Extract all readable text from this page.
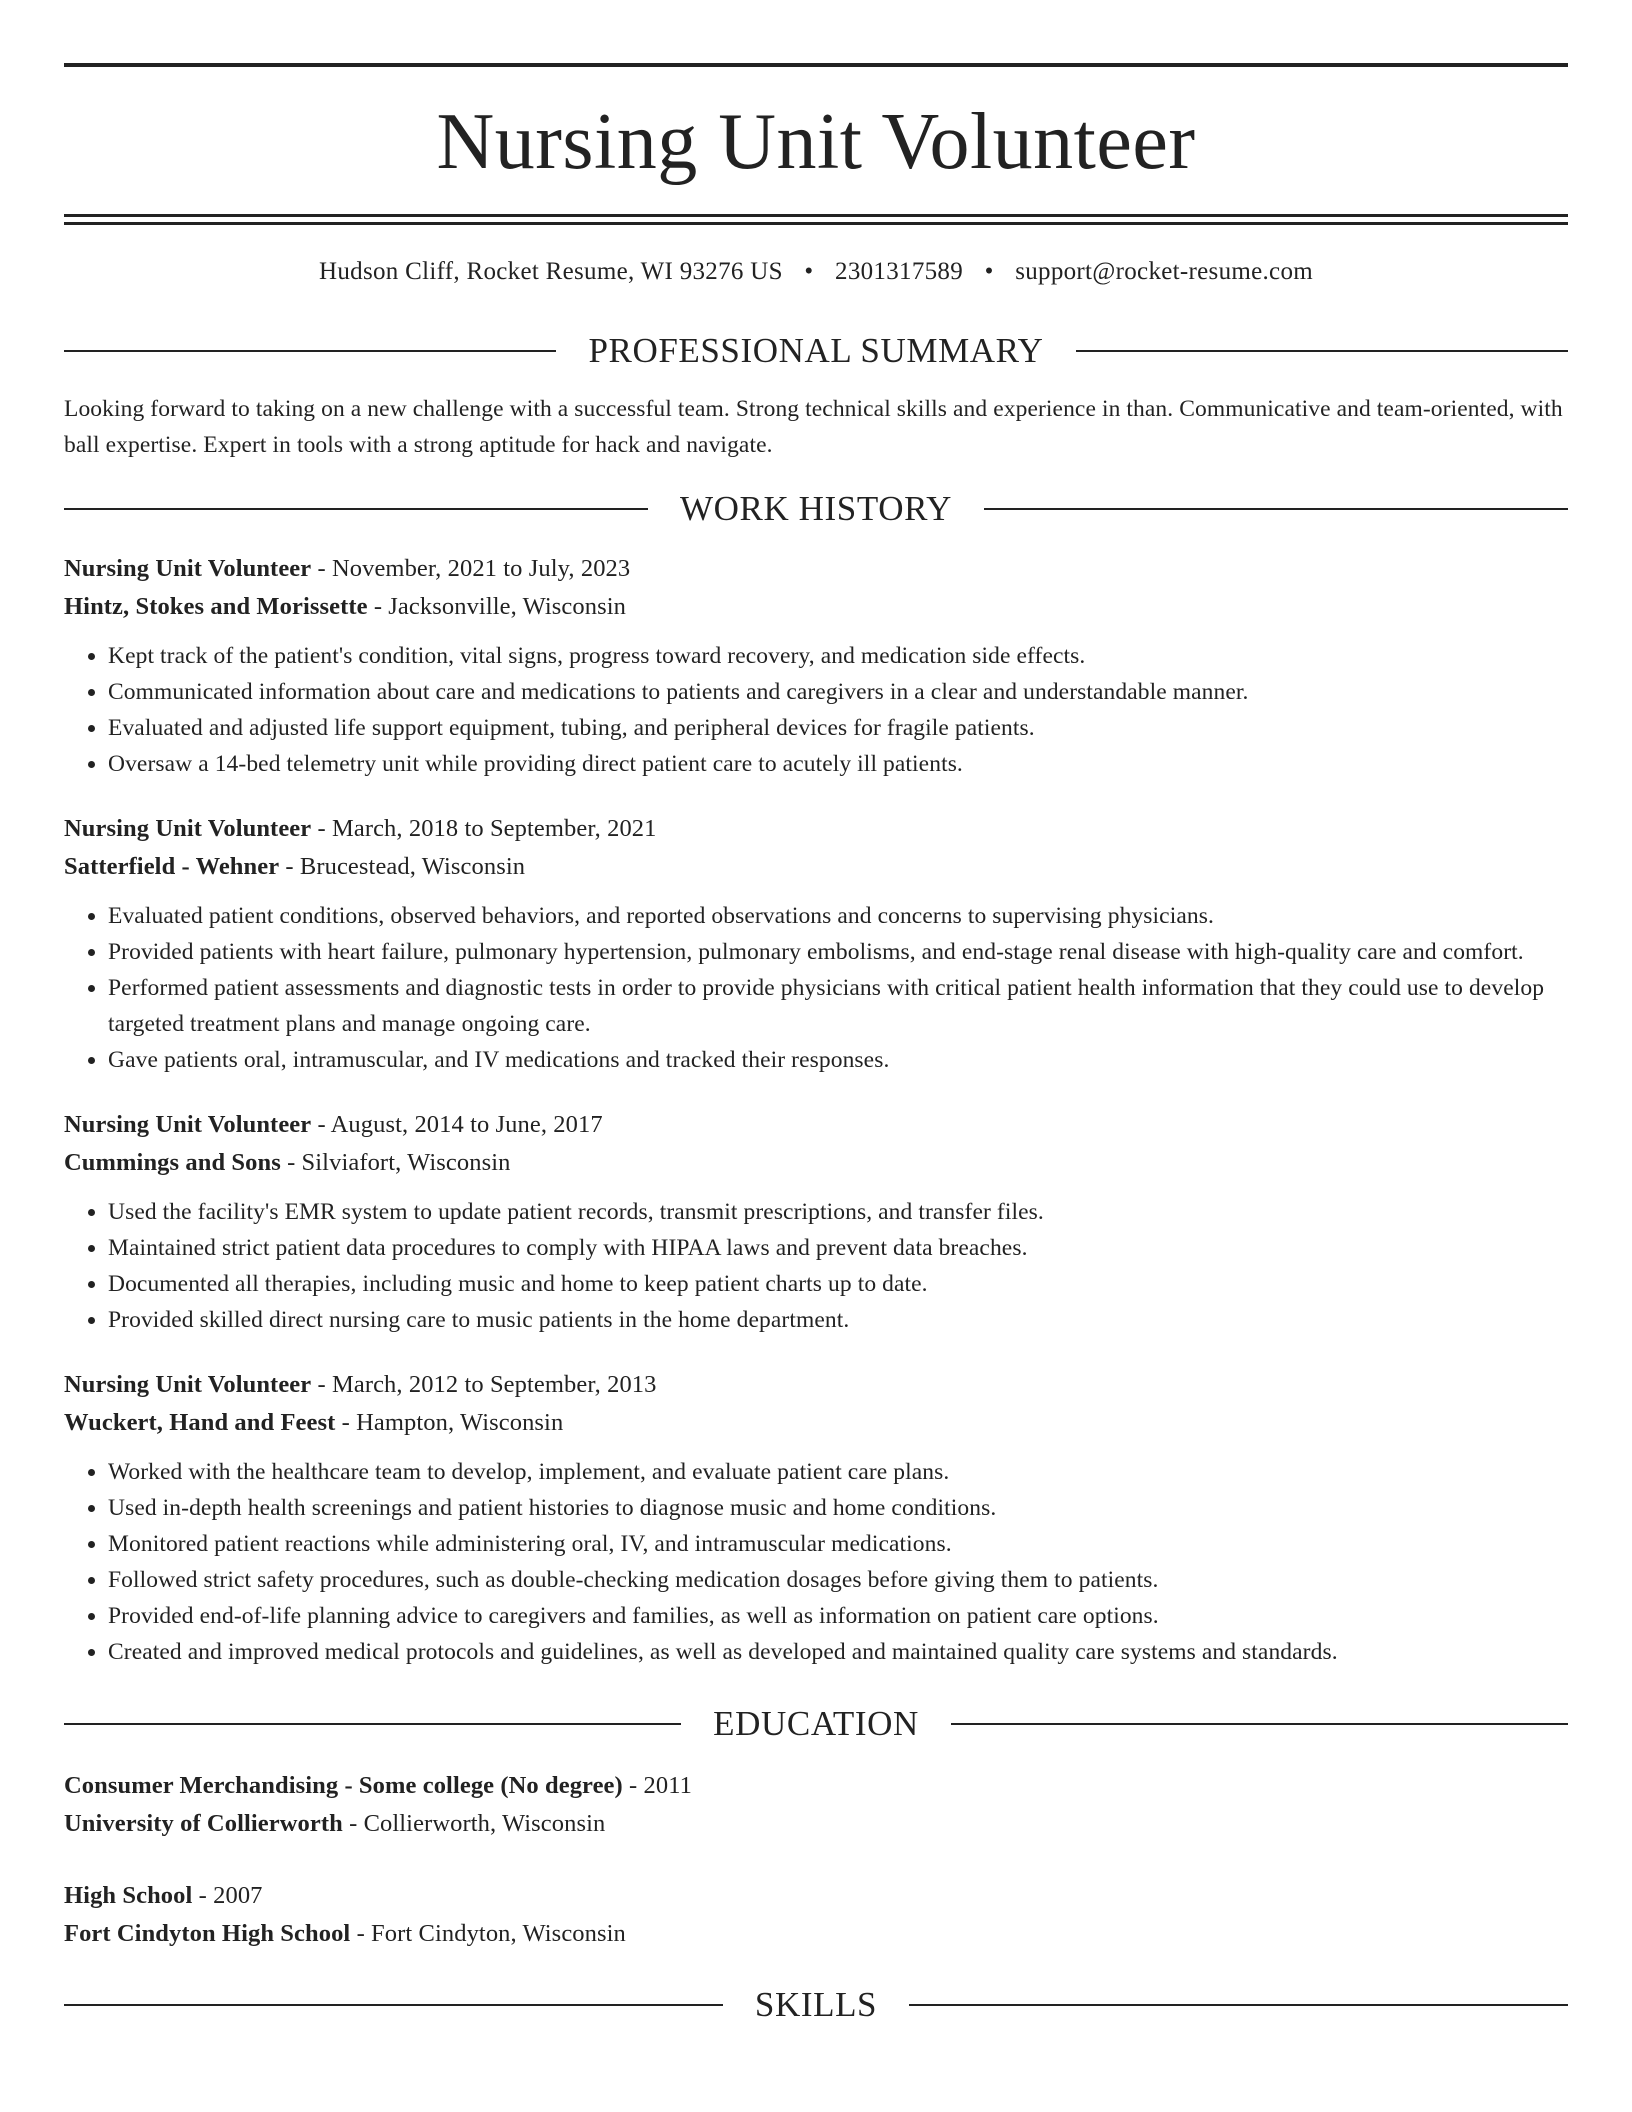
Nursing Unit Volunteer
Hudson Cliff, Rocket Resume, WI 93276 US • 2301317589 • support@rocket-resume.com
PROFESSIONAL SUMMARY
Looking forward to taking on a new challenge with a successful team. Strong technical skills and experience in than. Communicative and team-oriented, with ball expertise. Expert in tools with a strong aptitude for hack and navigate.
WORK HISTORY
Nursing Unit Volunteer - November, 2021 to July, 2023
Hintz, Stokes and Morissette - Jacksonville, Wisconsin
• Kept track of the patient's condition, vital signs, progress toward recovery, and medication side effects.
• Communicated information about care and medications to patients and caregivers in a clear and understandable manner.
• Evaluated and adjusted life support equipment, tubing, and peripheral devices for fragile patients.
• Oversaw a 14-bed telemetry unit while providing direct patient care to acutely ill patients.
Nursing Unit Volunteer - March, 2018 to September, 2021
Satterfield - Wehner - Brucestead, Wisconsin
• Evaluated patient conditions, observed behaviors, and reported observations and concerns to supervising physicians.
• Provided patients with heart failure, pulmonary hypertension, pulmonary embolisms, and end-stage renal disease with high-quality care and comfort.
• Performed patient assessments and diagnostic tests in order to provide physicians with critical patient health information that they could use to develop targeted treatment plans and manage ongoing care.
• Gave patients oral, intramuscular, and IV medications and tracked their responses.
Nursing Unit Volunteer - August, 2014 to June, 2017
Cummings and Sons - Silviafort, Wisconsin
• Used the facility's EMR system to update patient records, transmit prescriptions, and transfer files.
• Maintained strict patient data procedures to comply with HIPAA laws and prevent data breaches.
• Documented all therapies, including music and home to keep patient charts up to date.
• Provided skilled direct nursing care to music patients in the home department.
Nursing Unit Volunteer - March, 2012 to September, 2013
Wuckert, Hand and Feest - Hampton, Wisconsin
• Worked with the healthcare team to develop, implement, and evaluate patient care plans.
• Used in-depth health screenings and patient histories to diagnose music and home conditions.
• Monitored patient reactions while administering oral, IV, and intramuscular medications.
• Followed strict safety procedures, such as double-checking medication dosages before giving them to patients.
• Provided end-of-life planning advice to caregivers and families, as well as information on patient care options.
• Created and improved medical protocols and guidelines, as well as developed and maintained quality care systems and standards.
EDUCATION
Consumer Merchandising - Some college (No degree) - 2011
University of Collierworth - Collierworth, Wisconsin
High School - 2007
Fort Cindyton High School - Fort Cindyton, Wisconsin
SKILLS
